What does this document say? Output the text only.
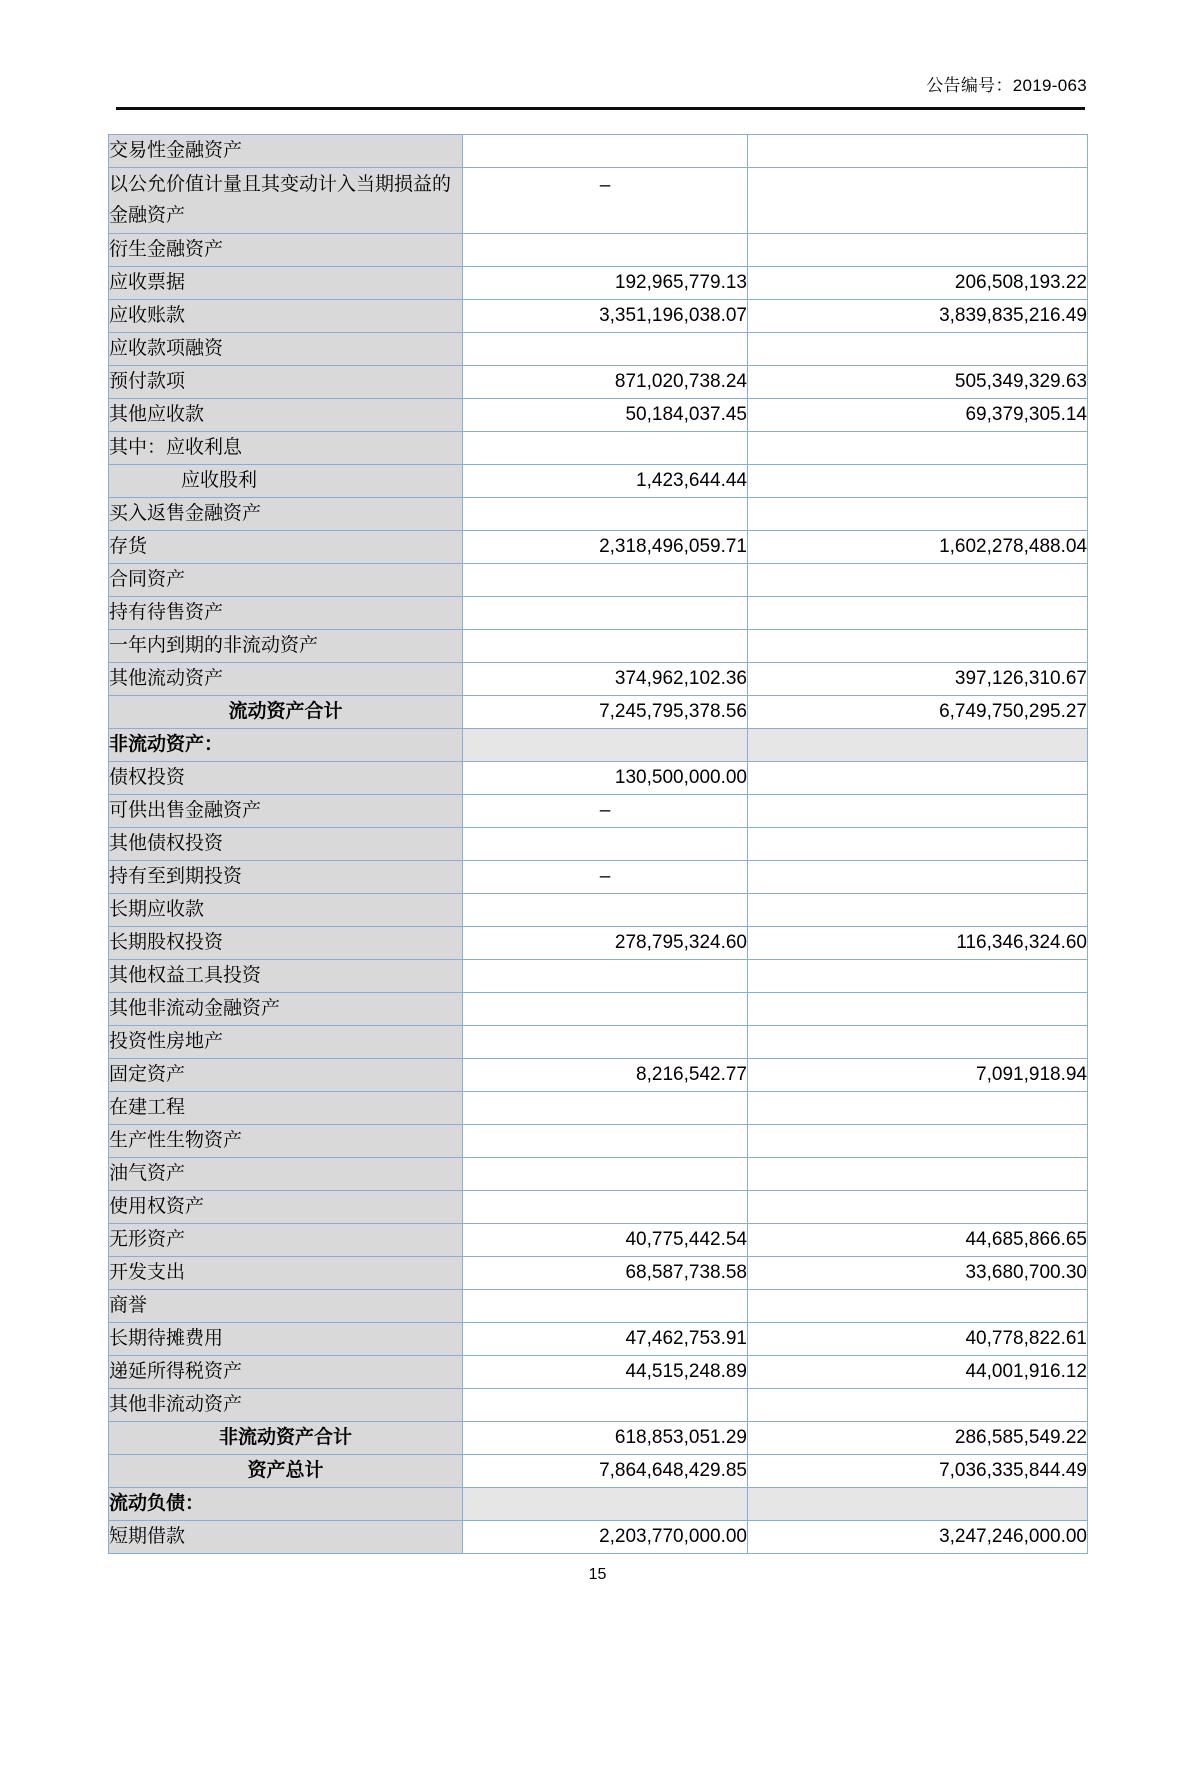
公告编号：2019-063
交易性金融资产		
以公允价值计量且其变动计入当期损益的金融资产	–	
衍生金融资产		
应收票据	192,965,779.13	206,508,193.22
应收账款	3,351,196,038.07	3,839,835,216.49
应收款项融资		
预付款项	871,020,738.24	505,349,329.63
其他应收款	50,184,037.45	69,379,305.14
其中：应收利息		
应收股利	1,423,644.44	
买入返售金融资产		
存货	2,318,496,059.71	1,602,278,488.04
合同资产		
持有待售资产		
一年内到期的非流动资产		
其他流动资产	374,962,102.36	397,126,310.67
流动资产合计	7,245,795,378.56	6,749,750,295.27
非流动资产：		
债权投资	130,500,000.00	
可供出售金融资产	–	
其他债权投资		
持有至到期投资	–	
长期应收款		
长期股权投资	278,795,324.60	116,346,324.60
其他权益工具投资		
其他非流动金融资产		
投资性房地产		
固定资产	8,216,542.77	7,091,918.94
在建工程		
生产性生物资产		
油气资产		
使用权资产		
无形资产	40,775,442.54	44,685,866.65
开发支出	68,587,738.58	33,680,700.30
商誉		
长期待摊费用	47,462,753.91	40,778,822.61
递延所得税资产	44,515,248.89	44,001,916.12
其他非流动资产		
非流动资产合计	618,853,051.29	286,585,549.22
资产总计	7,864,648,429.85	7,036,335,844.49
流动负债：		
短期借款	2,203,770,000.00	3,247,246,000.00
15
